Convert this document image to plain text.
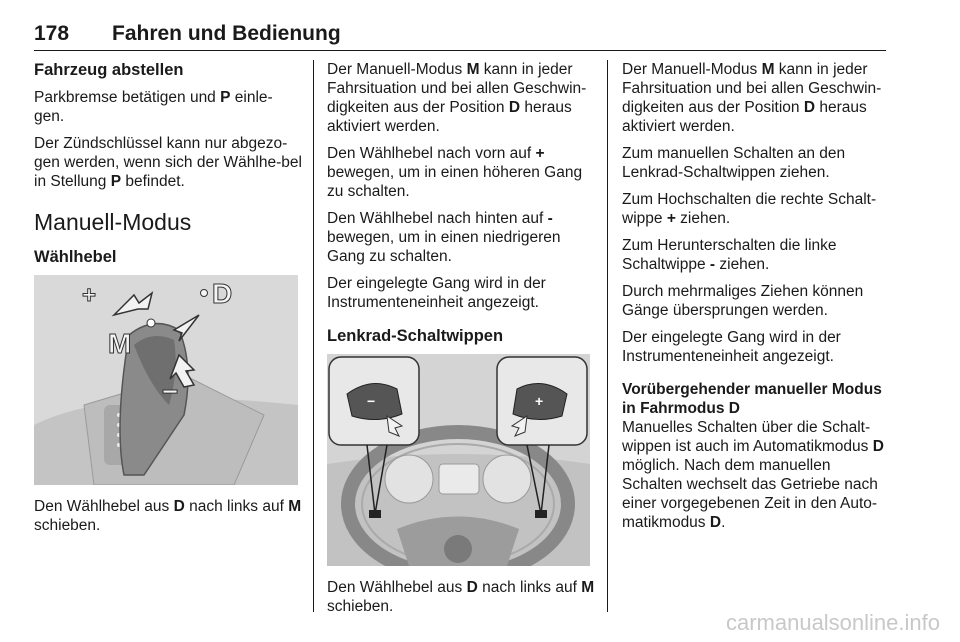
178 Fahren und Bedienung
Fahrzeug abstellen

Parkbremse betätigen und P einle-gen.

Der Zündschlüssel kann nur abgezo-gen werden, wenn sich der Wählhe-bel in Stellung P befindet.

Manuell-Modus
Wählhebel
+	D
M
−

Den Wählhebel aus D nach links auf M schieben.

Der Manuell-Modus M kann in jeder Fahrsituation und bei allen Geschwin-digkeiten aus der Position D heraus aktiviert werden.

Den Wählhebel nach vorn auf + bewegen, um in einen höheren Gang zu schalten.

Den Wählhebel nach hinten auf - bewegen, um in einen niedrigeren Gang zu schalten.

Der eingelegte Gang wird in der Instrumenteneinheit angezeigt.

Lenkrad-Schaltwippen
−	+

Den Wählhebel aus D nach links auf M schieben.

Der Manuell-Modus M kann in jeder Fahrsituation und bei allen Geschwin-digkeiten aus der Position D heraus aktiviert werden.

Zum manuellen Schalten an den Lenkrad-Schaltwippen ziehen.

Zum Hochschalten die rechte Schalt-wippe + ziehen.

Zum Herunterschalten die linke Schaltwippe - ziehen.

Durch mehrmaliges Ziehen können Gänge übersprungen werden.

Der eingelegte Gang wird in der Instrumenteneinheit angezeigt.

Vorübergehender manueller Modus in Fahrmodus D

Manuelles Schalten über die Schalt-wippen ist auch im Automatikmodus D möglich. Nach dem manuellen Schalten wechselt das Getriebe nach einer vorgegebenen Zeit in den Auto-matikmodus D.

carmanualsonline.info
